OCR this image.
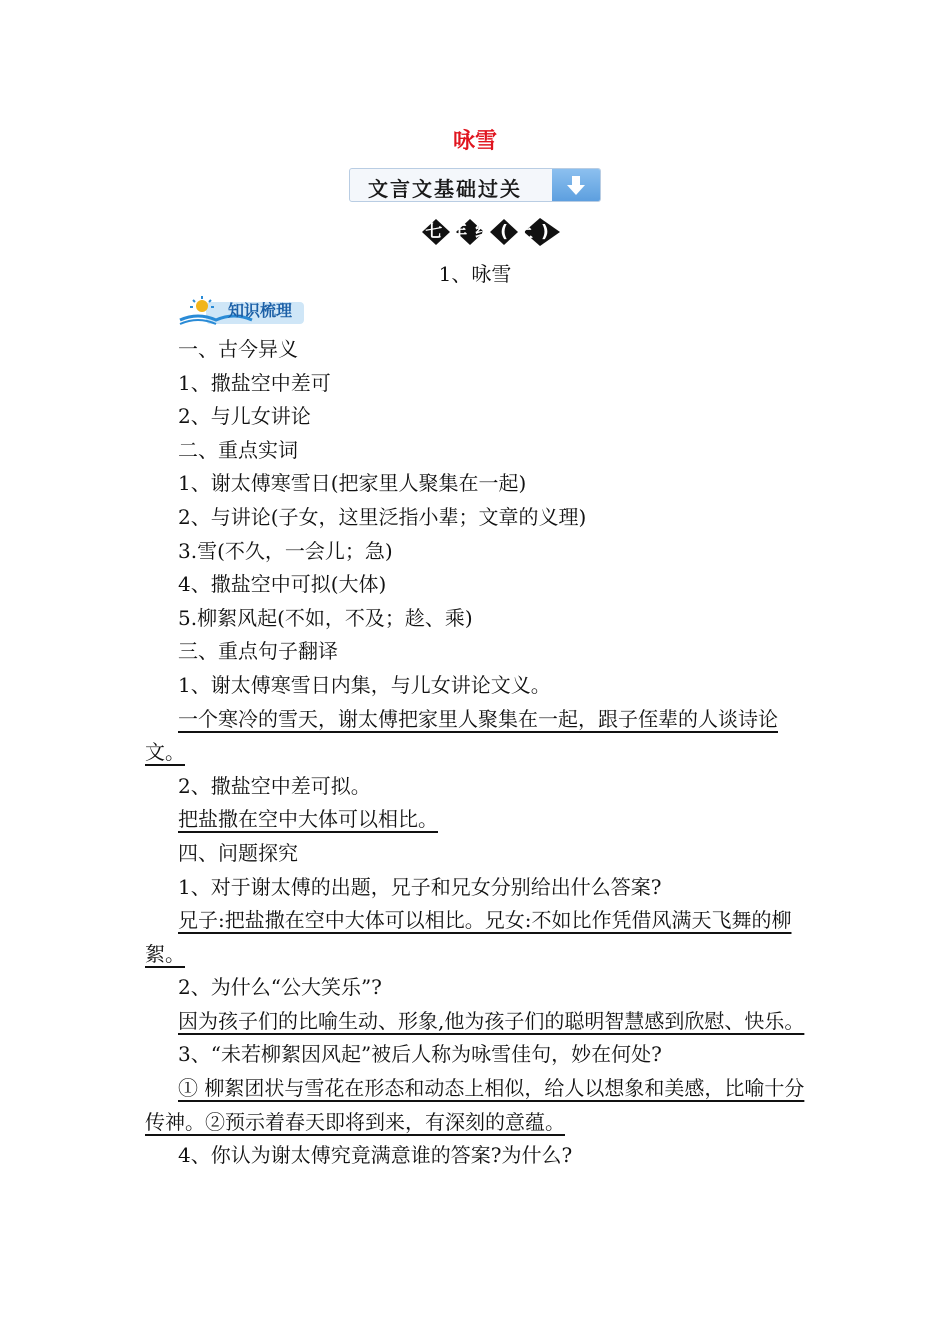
咏雪
文言文基础过关
七年级(上)
1、咏雪
知识梳理

一、古今异义

1、撒盐空中差可

2、与儿女讲论

二、重点实词

1、谢太傅寒雪日(把家里人聚集在一起)

2、与讲论(子女，这里泛指小辈；文章的义理)

3.雪(不久，一会儿；急)

4、撒盐空中可拟(大体)

5.柳絮风起(不如，不及；趁、乘)

三、重点句子翻译

1、谢太傅寒雪日内集，与儿女讲论文义。

一个寒冷的雪天，谢太傅把家里人聚集在一起，跟子侄辈的人谈诗论文。

2、撒盐空中差可拟。

把盐撒在空中大体可以相比。

四、问题探究

1、对于谢太傅的出题，兄子和兄女分别给出什么答案?

兄子:把盐撒在空中大体可以相比。兄女:不如比作凭借风满天飞舞的柳絮。

2、为什么“公大笑乐”?

因为孩子们的比喻生动、形象,他为孩子们的聪明智慧感到欣慰、快乐。

3、“未若柳絮因风起”被后人称为咏雪佳句，妙在何处?

① 柳絮团状与雪花在形态和动态上相似，给人以想象和美感，比喻十分传神。②预示着春天即将到来，有深刻的意蕴。

4、你认为谢太傅究竟满意谁的答案?为什么?
